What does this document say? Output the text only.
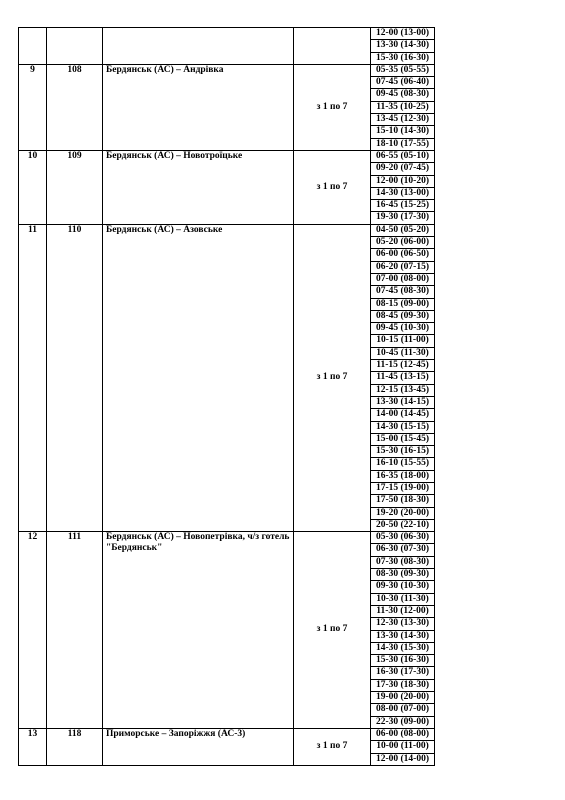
				12-00 (13-00)
				13-30 (14-30)
				15-30 (16-30)
9	108	Бердянськ (АС) – Андрівка	з 1 по 7	05-35 (05-55)
				07-45 (06-40)
				09-45 (08-30)
				11-35 (10-25)
				13-45 (12-30)
				15-10 (14-30)
				18-10 (17-55)
10	109	Бердянськ (АС) – Новотроїцьке	з 1 по 7	06-55 (05-10)
				09-20 (07-45)
				12-00 (10-20)
				14-30 (13-00)
				16-45 (15-25)
				19-30 (17-30)
11	110	Бердянськ (АС) – Азовське	з 1 по 7	04-50 (05-20)
				05-20 (06-00)
				06-00 (06-50)
				06-20 (07-15)
				07-00 (08-00)
				07-45 (08-30)
				08-15 (09-00)
				08-45 (09-30)
				09-45 (10-30)
				10-15 (11-00)
				10-45 (11-30)
				11-15 (12-45)
				11-45 (13-15)
				12-15 (13-45)
				13-30 (14-15)
				14-00 (14-45)
				14-30 (15-15)
				15-00 (15-45)
				15-30 (16-15)
				16-10 (15-55)
				16-35 (18-00)
				17-15 (19-00)
				17-50 (18-30)
				19-20 (20-00)
				20-50 (22-10)
12	111	Бердянськ (АС) – Новопетрівка, ч/з готель "Бердянськ"	з 1 по 7	05-30 (06-30)
				06-30 (07-30)
				07-30 (08-30)
				08-30 (09-30)
				09-30 (10-30)
				10-30 (11-30)
				11-30 (12-00)
				12-30 (13-30)
				13-30 (14-30)
				14-30 (15-30)
				15-30 (16-30)
				16-30 (17-30)
				17-30 (18-30)
				19-00 (20-00)
				08-00 (07-00)
				22-30 (09-00)
13	118	Приморське – Запоріжжя (АС-3)	з 1 по 7	06-00 (08-00)
				10-00 (11-00)
				12-00 (14-00)
